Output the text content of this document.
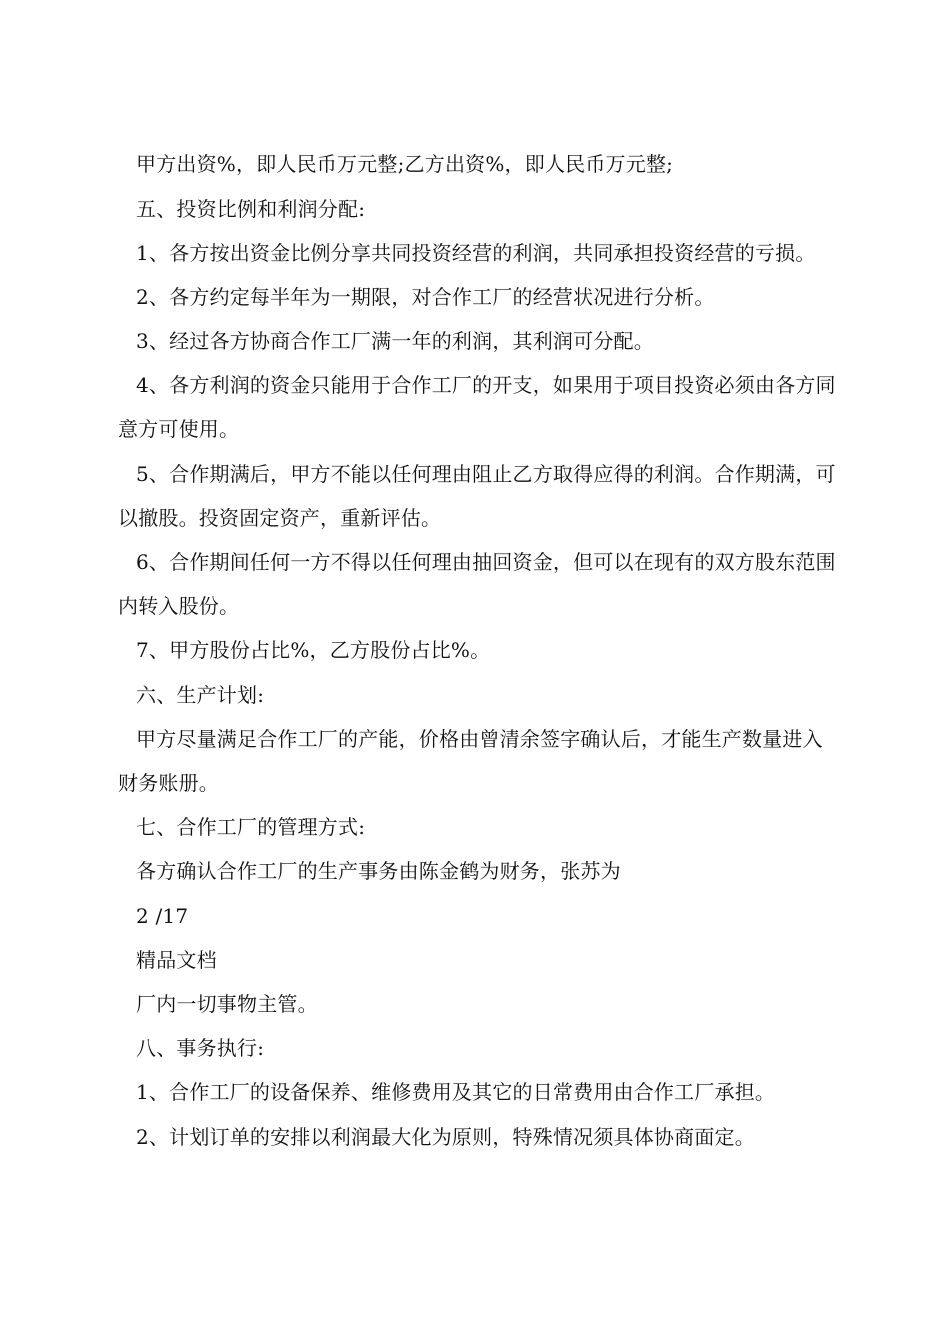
甲方出资%，即人民币万元整;乙方出资%，即人民币万元整;
五、投资比例和利润分配:
1、各方按出资金比例分享共同投资经营的利润，共同承担投资经营的亏损。
2、各方约定每半年为一期限，对合作工厂的经营状况进行分析。
3、经过各方协商合作工厂满一年的利润，其利润可分配。
4、各方利润的资金只能用于合作工厂的开支，如果用于项目投资必须由各方同
意方可使用。
5、合作期满后，甲方不能以任何理由阻止乙方取得应得的利润。合作期满，可
以撤股。投资固定资产，重新评估。
6、合作期间任何一方不得以任何理由抽回资金，但可以在现有的双方股东范围
内转入股份。
7、甲方股份占比%，乙方股份占比%。
六、生产计划:
甲方尽量满足合作工厂的产能，价格由曾清余签字确认后，才能生产数量进入
财务账册。
七、合作工厂的管理方式:
各方确认合作工厂的生产事务由陈金鹤为财务，张苏为
2 /17
精品文档
厂内一切事物主管。
八、事务执行:
1、合作工厂的设备保养、维修费用及其它的日常费用由合作工厂承担。
2、计划订单的安排以利润最大化为原则，特殊情况须具体协商面定。
